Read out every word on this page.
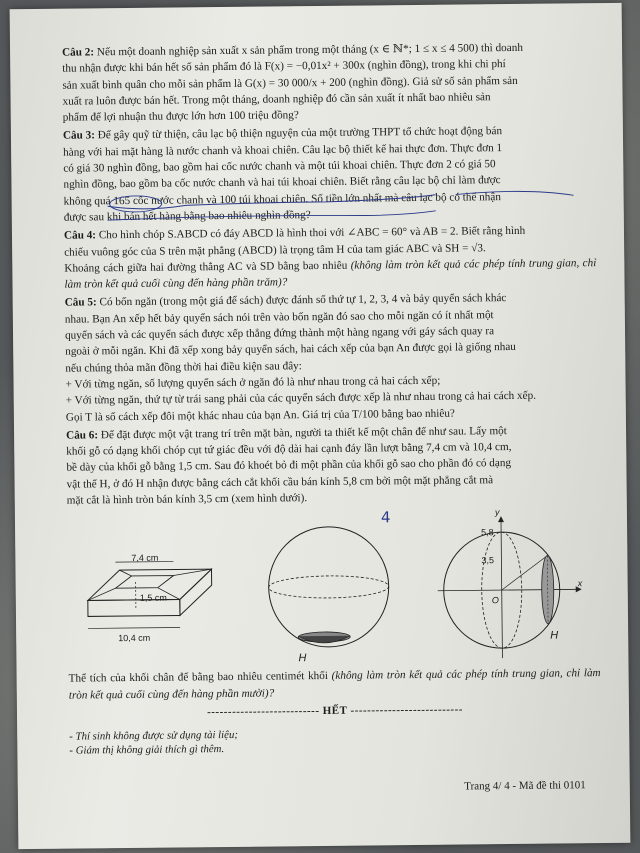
Câu 2: Nếu một doanh nghiệp sản xuất x sản phẩm trong một tháng (x ∈ ℕ*; 1 ≤ x ≤ 4 500) thì doanh
thu nhận được khi bán hết số sản phẩm đó là F(x) = −0,01x² + 300x (nghìn đồng), trong khi chi phí
sản xuất bình quân cho mỗi sản phẩm là G(x) = 30 000/x + 200 (nghìn đồng). Giả sử số sản phẩm sản
xuất ra luôn được bán hết. Trong một tháng, doanh nghiệp đó cần sản xuất ít nhất bao nhiêu sản
phẩm để lợi nhuận thu được lớn hơn 100 triệu đồng?
Câu 3: Để gây quỹ từ thiện, câu lạc bộ thiện nguyện của một trường THPT tổ chức hoạt động bán
hàng với hai mặt hàng là nước chanh và khoai chiên. Câu lạc bộ thiết kế hai thực đơn. Thực đơn 1
có giá 30 nghìn đồng, bao gồm hai cốc nước chanh và một túi khoai chiên. Thực đơn 2 có giá 50
nghìn đồng, bao gồm ba cốc nước chanh và hai túi khoai chiên. Biết rằng câu lạc bộ chỉ làm được
không quá 165 cốc nước chanh và 100 túi khoai chiên. Số tiền lớn nhất mà câu lạc bộ có thể nhận
được sau khi bán hết hàng bằng bao nhiêu nghìn đồng?
Câu 4: Cho hình chóp S.ABCD có đáy ABCD là hình thoi với ∠ABC = 60° và AB = 2. Biết rằng hình
chiếu vuông góc của S trên mặt phẳng (ABCD) là trọng tâm H của tam giác ABC và SH = √3.
Khoảng cách giữa hai đường thẳng AC và SD bằng bao nhiêu (không làm tròn kết quả các phép tính trung gian, chỉ làm tròn kết quả cuối cùng đến hàng phần trăm)?
Câu 5: Có bốn ngăn (trong một giá để sách) được đánh số thứ tự 1, 2, 3, 4 và bảy quyển sách khác
nhau. Bạn An xếp hết bảy quyển sách nói trên vào bốn ngăn đó sao cho mỗi ngăn có ít nhất một
quyển sách và các quyển sách được xếp thẳng đứng thành một hàng ngang với gáy sách quay ra
ngoài ở mỗi ngăn. Khi đã xếp xong bảy quyển sách, hai cách xếp của bạn An được gọi là giống nhau
nếu chúng thỏa mãn đồng thời hai điều kiện sau đây:
+ Với từng ngăn, số lượng quyển sách ở ngăn đó là như nhau trong cả hai cách xếp;
+ Với từng ngăn, thứ tự từ trái sang phải của các quyển sách được xếp là như nhau trong cả hai cách xếp.
Gọi T là số cách xếp đôi một khác nhau của bạn An. Giá trị của T/100 bằng bao nhiêu?
Câu 6: Để đặt được một vật trang trí trên mặt bàn, người ta thiết kế một chân đế như sau. Lấy một
khối gỗ có dạng khối chóp cụt tứ giác đều với độ dài hai cạnh đáy lần lượt bằng 7,4 cm và 10,4 cm,
bề dày của khối gỗ bằng 1,5 cm. Sau đó khoét bỏ đi một phần của khối gỗ sao cho phần đó có dạng
vật thể H, ở đó H nhận được bằng cách cắt khối cầu bán kính 5,8 cm bởi một mặt phẳng cắt mà
mặt cắt là hình tròn bán kính 3,5 cm (xem hình dưới).
7,4 cm
1,5 cm
10,4 cm
H
4	y
x
O
5,8
3,5
H
Thể tích của khối chân đế bằng bao nhiêu centimét khối (không làm tròn kết quả các phép tính trung gian, chỉ làm tròn kết quả cuối cùng đến hàng phần mười)?
--------------------------- HẾT ---------------------------
- Thí sinh không được sử dụng tài liệu;
- Giám thị không giải thích gì thêm.
Trang 4/ 4 - Mã đề thi 0101
